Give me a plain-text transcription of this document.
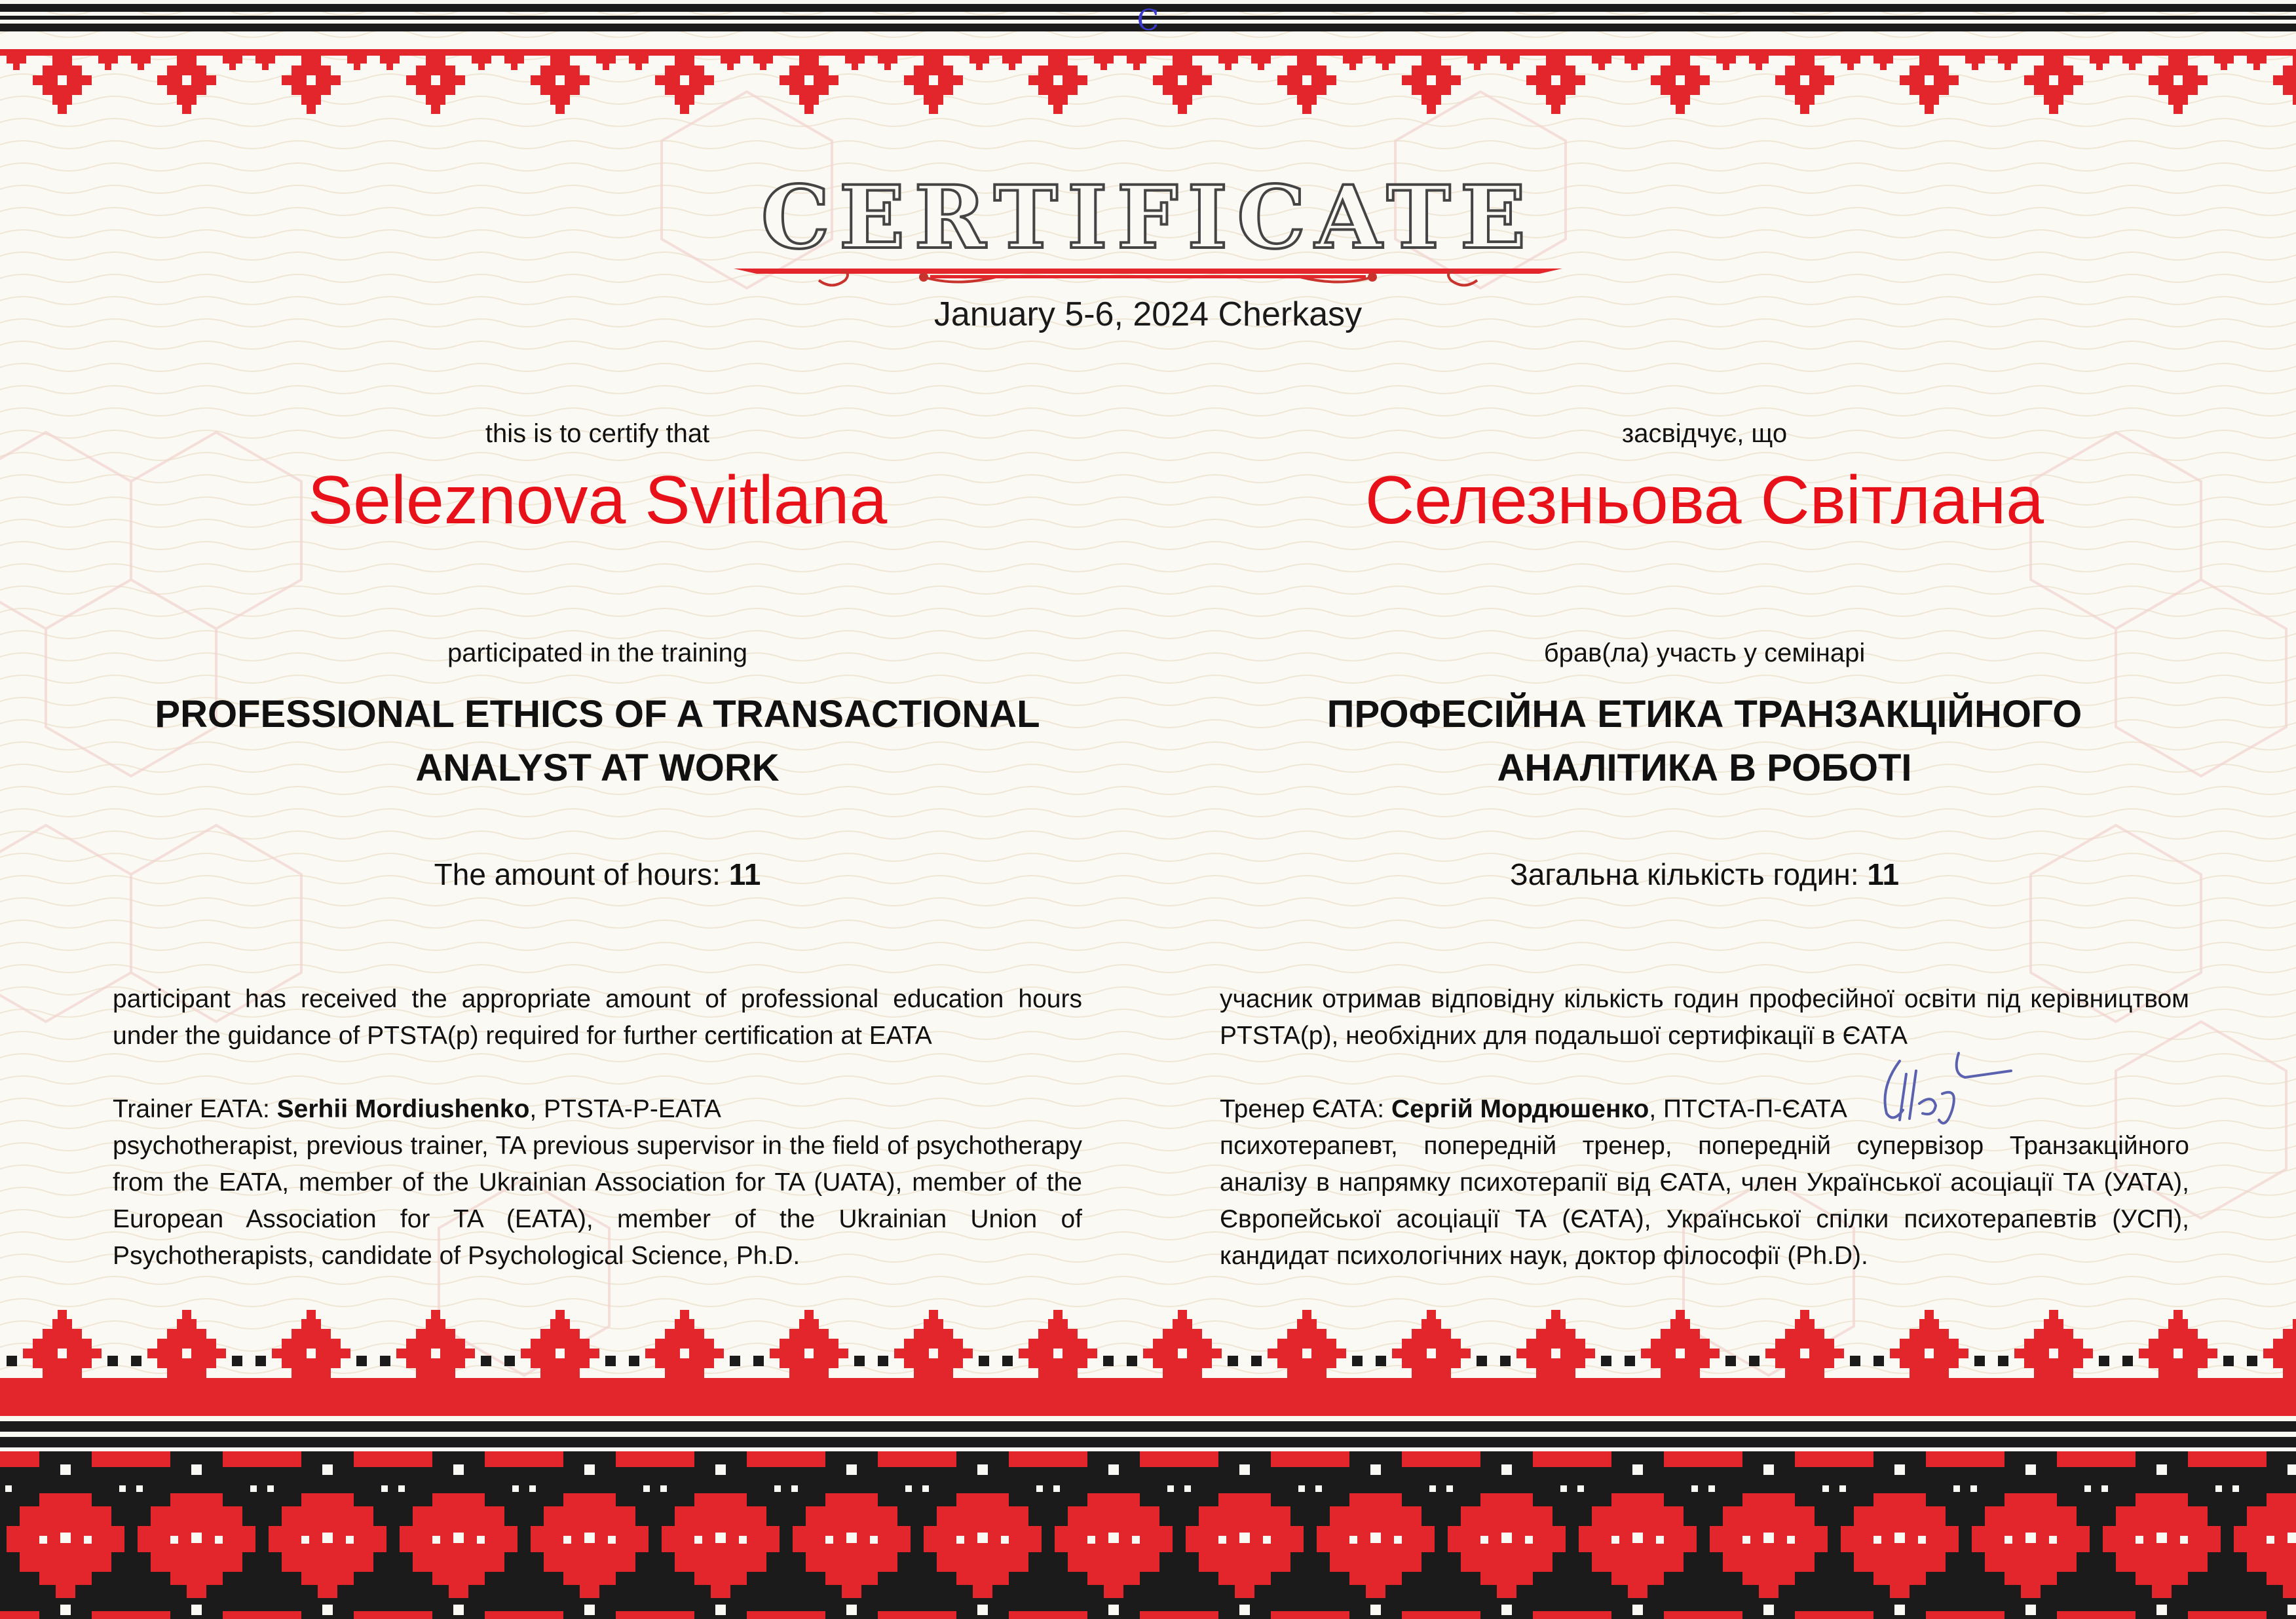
C
CERTIFICATE
January 5-6, 2024 Cherkasy
this is to certify that
Seleznova Svitlana
participated in the training
PROFESSIONAL ETHICS OF A TRANSACTIONAL
ANALYST AT WORK
The amount of hours: 11
participant has received the appropriate amount of professional education hours under the guidance of PTSTA(p) required for further certification at EATA
Trainer EATA: Serhii Mordiushenko, PTSTA-P-EATA
psychotherapist, previous trainer, TA previous supervisor in the field of psychotherapy from the EATA, member of the Ukrainian Association for TA (UATA), member of the European Association for TA (EATA), member of the Ukrainian Union of Psychotherapists, candidate of Psychological Science, Ph.D.
засвідчує, що
Селезньова Світлана
брав(ла) участь у семінарі
ПРОФЕСІЙНА ЕТИКА ТРАНЗАКЦІЙНОГО
АНАЛІТИКА В РОБОТІ
Загальна кількість годин: 11
учасник отримав відповідну кількість годин професійної освіти під керівництвом PTSTA(p), необхідних для подальшої сертифікації в ЄАТА
Тренер ЄАТА: Сергій Мордюшенко, ПТСТА-П-ЄАТА
психотерапевт, попередній тренер, попередній супервізор Транзакційного аналізу в напрямку психотерапії від ЄАТА, член Української асоціації ТА (УАТА), Європейської асоціації ТА (ЄАТА), Української спілки психотерапевтів (УСП), кандидат психологічних наук, доктор філософії (Ph.D).
